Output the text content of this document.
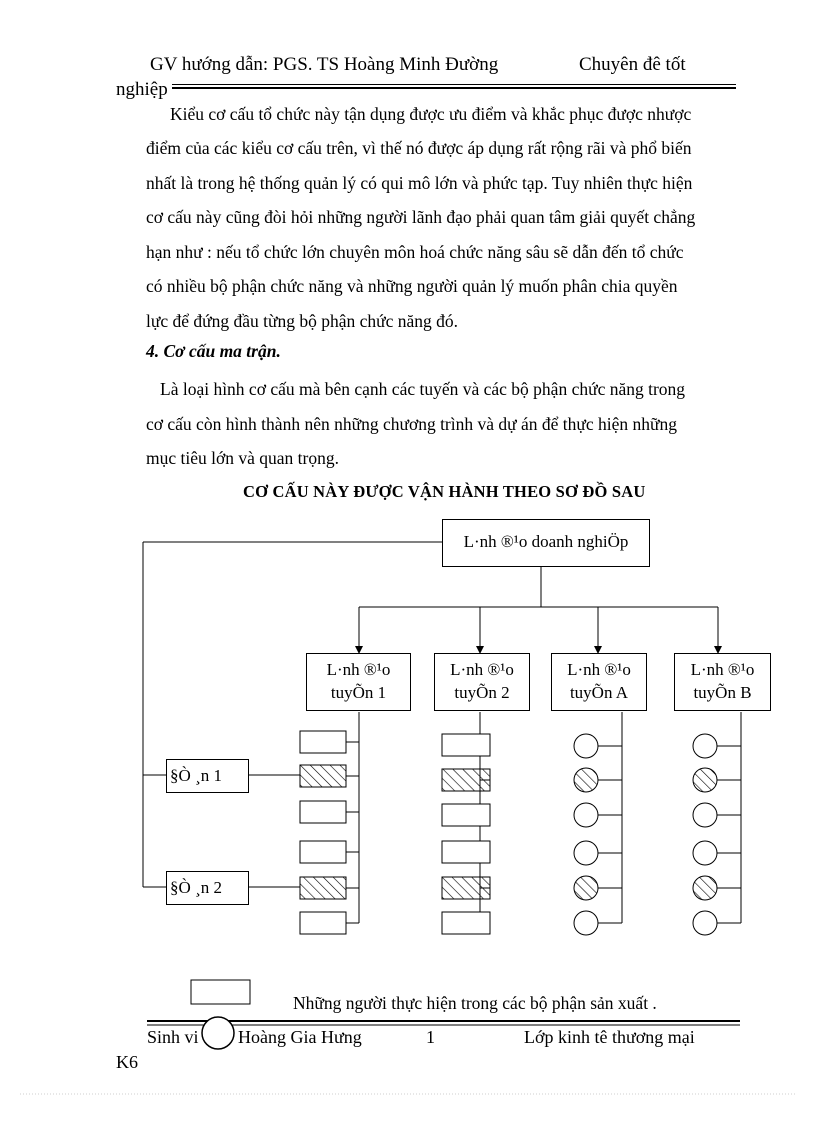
GV hướng dẫn: PGS. TS Hoàng Minh Đường	Chuyên đê tốt
nghiệp
Kiểu cơ cấu tổ chức này tận dụng được ưu điểm và khắc phục được nhược
điểm của các kiểu cơ cấu trên, vì thế nó được áp dụng rất rộng rãi và phổ biến
nhất là trong hệ thống quản lý có qui mô lớn và phức tạp. Tuy nhiên thực hiện
cơ cấu này cũng đòi hỏi những người lãnh đạo phải quan tâm giải quyết chẳng
hạn như : nếu tổ chức lớn chuyên môn hoá chức năng sâu sẽ dẫn đến tổ chức
có nhiều bộ phận chức năng và những người quản lý muốn phân chia quyền
lực để đứng đầu từng bộ phận chức năng đó.
4. Cơ cấu ma trận.
Là loại hình cơ cấu mà bên cạnh các tuyến và các bộ phận chức năng trong
cơ cấu còn hình thành nên những chương trình và dự án để thực hiện những
mục tiêu lớn và quan trọng.
CƠ CẤU NÀY ĐƯỢC VẬN HÀNH THEO SƠ ĐỒ SAU
L·nh ®¹o doanh nghiÖp
L·nh ®¹o
tuyÕn 1
L·nh ®¹o
tuyÕn 2
L·nh ®¹o
tuyÕn A
L·nh ®¹o
tuyÕn B
§Ò ¸n 1
§Ò ¸n 2
Những người thực hiện trong các bộ phận sản xuất .
Sinh vi Hoàng Gia Hưng	1	Lớp kinh tê thương mại
K6
